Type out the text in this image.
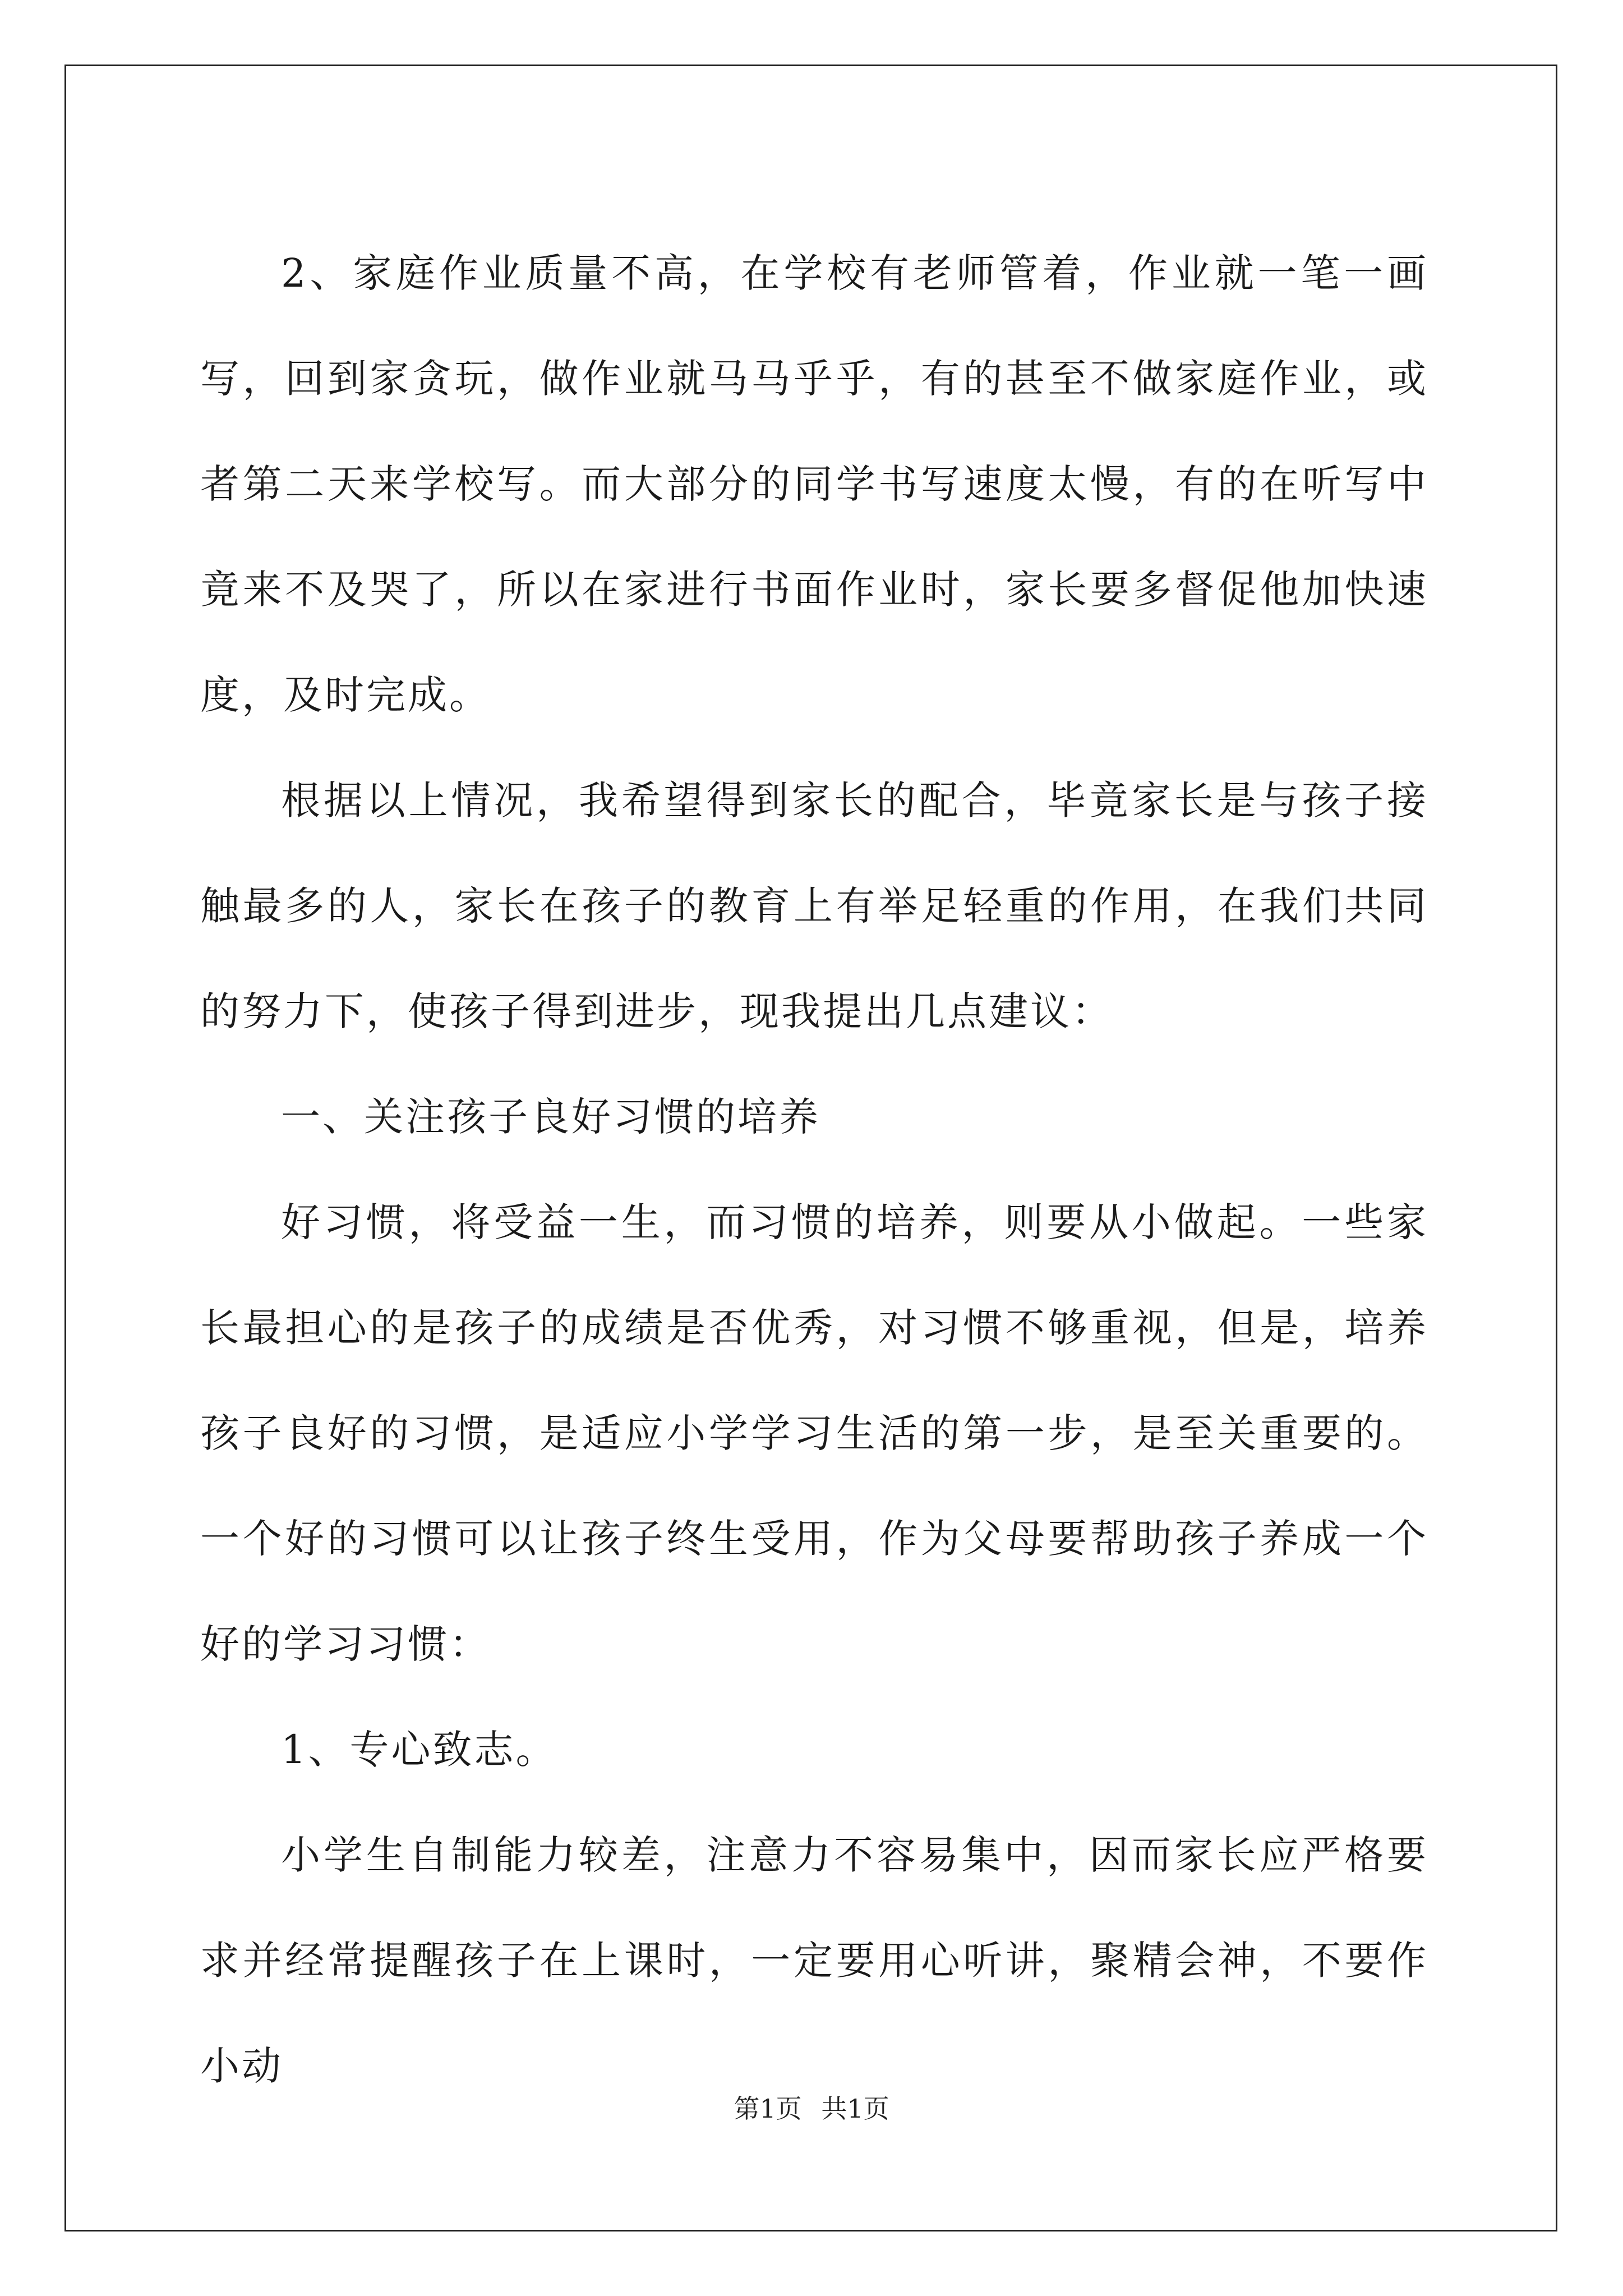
2、家庭作业质量不高，在学校有老师管着，作业就一笔一画写，回到家贪玩，做作业就马马乎乎，有的甚至不做家庭作业，或者第二天来学校写。而大部分的同学书写速度太慢，有的在听写中竟来不及哭了，所以在家进行书面作业时，家长要多督促他加快速度，及时完成。

根据以上情况，我希望得到家长的配合，毕竟家长是与孩子接触最多的人，家长在孩子的教育上有举足轻重的作用，在我们共同的努力下，使孩子得到进步，现我提出几点建议：

一、关注孩子良好习惯的培养

好习惯，将受益一生，而习惯的培养，则要从小做起。一些家长最担心的是孩子的成绩是否优秀，对习惯不够重视，但是，培养孩子良好的习惯，是适应小学学习生活的第一步，是至关重要的。一个好的习惯可以让孩子终生受用，作为父母要帮助孩子养成一个好的学习习惯：

1、专心致志。

小学生自制能力较差，注意力不容易集中，因而家长应严格要求并经常提醒孩子在上课时，一定要用心听讲，聚精会神，不要作小动

第1页 共1页
